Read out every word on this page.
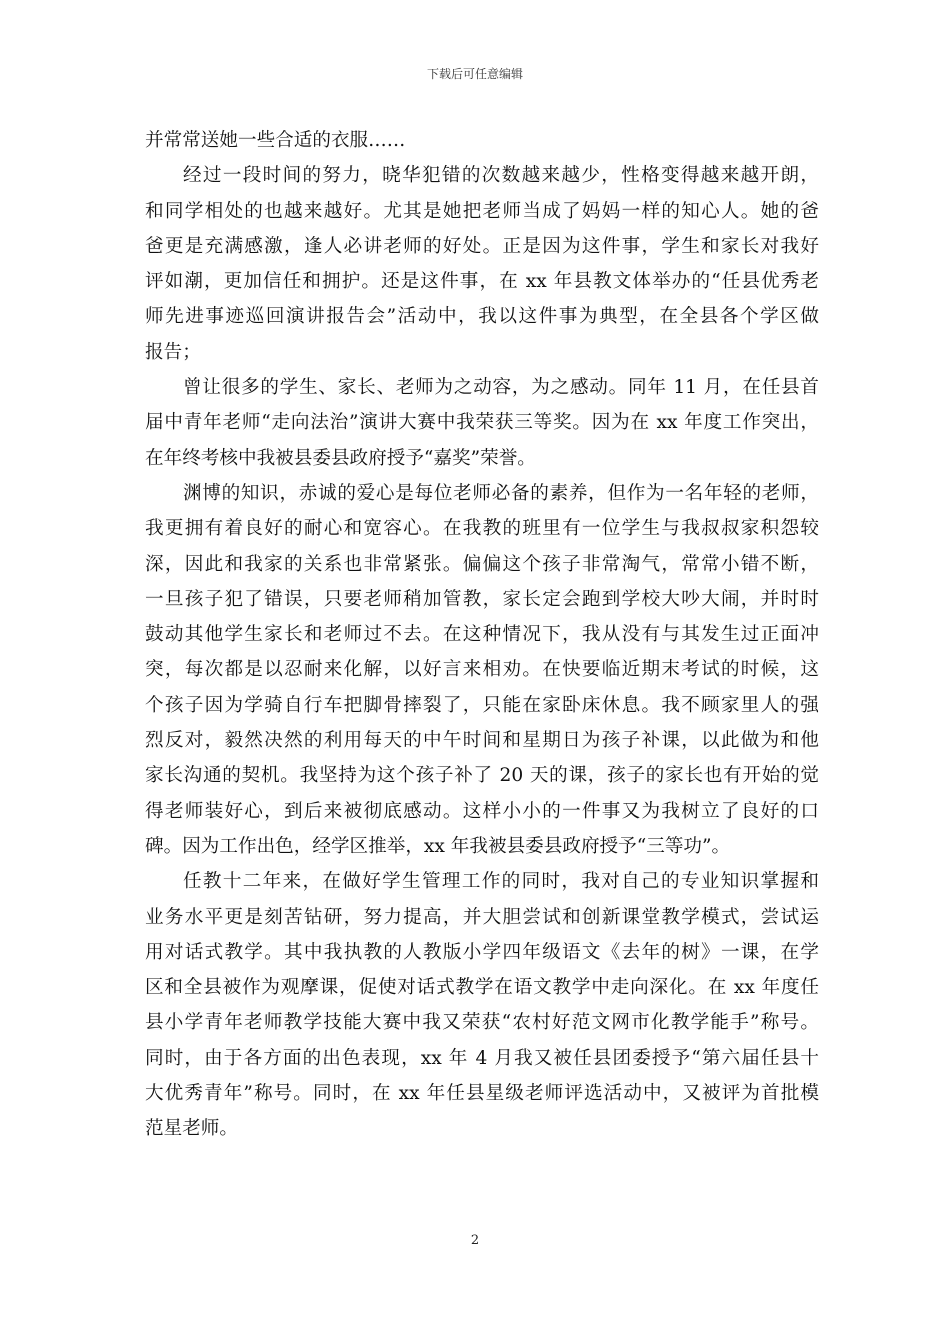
下载后可任意编辑
并常常送她一些合适的衣服……
经过一段时间的努力，晓华犯错的次数越来越少，性格变得越来越开朗，
和同学相处的也越来越好。尤其是她把老师当成了妈妈一样的知心人。她的爸
爸更是充满感激，逢人必讲老师的好处。正是因为这件事，学生和家长对我好
评如潮，更加信任和拥护。还是这件事，在 xx 年县教文体举办的“任县优秀老
师先进事迹巡回演讲报告会”活动中，我以这件事为典型，在全县各个学区做
报告；
曾让很多的学生、家长、老师为之动容，为之感动。同年 11 月，在任县首
届中青年老师“走向法治”演讲大赛中我荣获三等奖。因为在 xx 年度工作突出，
在年终考核中我被县委县政府授予“嘉奖”荣誉。
渊博的知识，赤诚的爱心是每位老师必备的素养，但作为一名年轻的老师，
我更拥有着良好的耐心和宽容心。在我教的班里有一位学生与我叔叔家积怨较
深，因此和我家的关系也非常紧张。偏偏这个孩子非常淘气，常常小错不断，
一旦孩子犯了错误，只要老师稍加管教，家长定会跑到学校大吵大闹，并时时
鼓动其他学生家长和老师过不去。在这种情况下，我从没有与其发生过正面冲
突，每次都是以忍耐来化解，以好言来相劝。在快要临近期末考试的时候，这
个孩子因为学骑自行车把脚骨摔裂了，只能在家卧床休息。我不顾家里人的强
烈反对，毅然决然的利用每天的中午时间和星期日为孩子补课，以此做为和他
家长沟通的契机。我坚持为这个孩子补了 20 天的课，孩子的家长也有开始的觉
得老师装好心，到后来被彻底感动。这样小小的一件事又为我树立了良好的口
碑。因为工作出色，经学区推举，xx 年我被县委县政府授予“三等功”。
任教十二年来，在做好学生管理工作的同时，我对自己的专业知识掌握和
业务水平更是刻苦钻研，努力提高，并大胆尝试和创新课堂教学模式，尝试运
用对话式教学。其中我执教的人教版小学四年级语文《去年的树》一课，在学
区和全县被作为观摩课，促使对话式教学在语文教学中走向深化。在 xx 年度任
县小学青年老师教学技能大赛中我又荣获“农村好范文网市化教学能手”称号。
同时，由于各方面的出色表现，xx 年 4 月我又被任县团委授予“第六届任县十
大优秀青年”称号。同时，在 xx 年任县星级老师评选活动中，又被评为首批模
范星老师。
2
